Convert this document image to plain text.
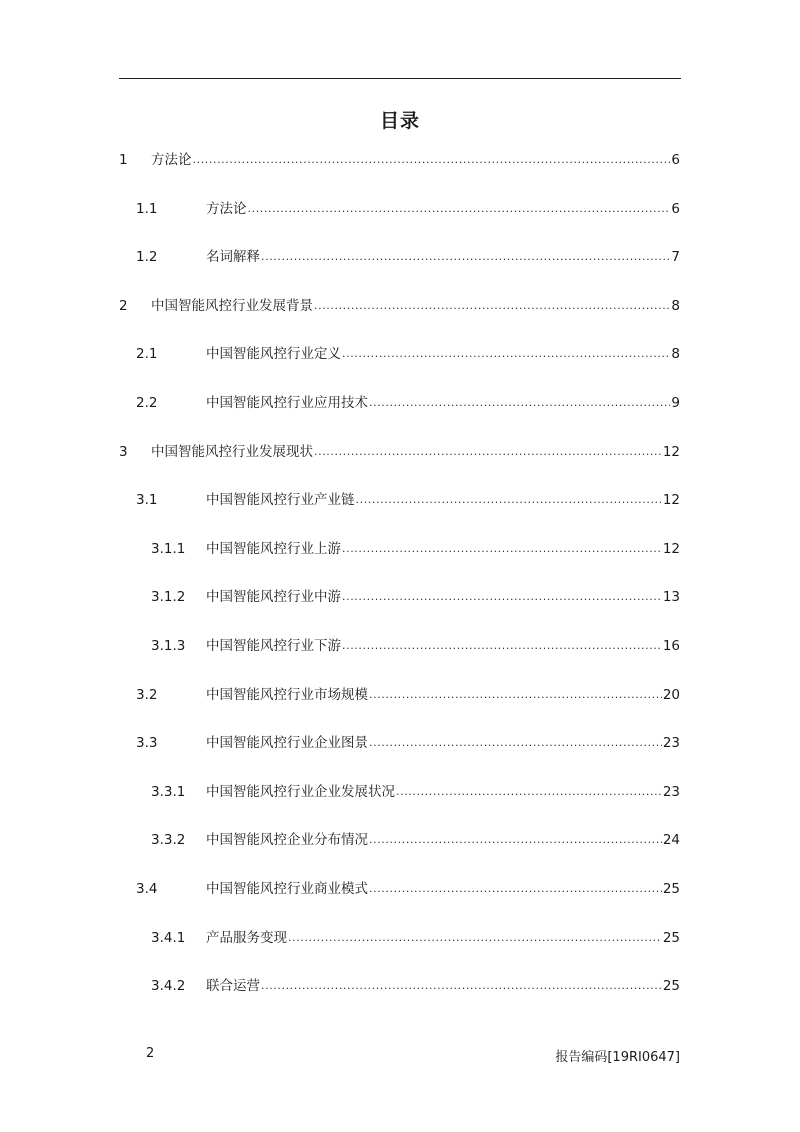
目录
1	方法论 .....	6
1.1	方法论 .....	6
1.2	名词解释 .....	7
2	中国智能风控行业发展背景 .....	8
2.1	中国智能风控行业定义 .....	8
2.2	中国智能风控行业应用技术 .....	9
3	中国智能风控行业发展现状 .....	12
3.1	中国智能风控行业产业链 .....	12
3.1.1	中国智能风控行业上游 .....	12
3.1.2	中国智能风控行业中游 .....	13
3.1.3	中国智能风控行业下游 .....	16
3.2	中国智能风控行业市场规模 .....	20
3.3	中国智能风控行业企业图景 .....	23
3.3.1	中国智能风控行业企业发展状况 .....	23
3.3.2	中国智能风控企业分布情况 .....	24
3.4	中国智能风控行业商业模式 .....	25
3.4.1	产品服务变现 .....	25
3.4.2	联合运营 .....	25
2	报告编码[19RI0647]
